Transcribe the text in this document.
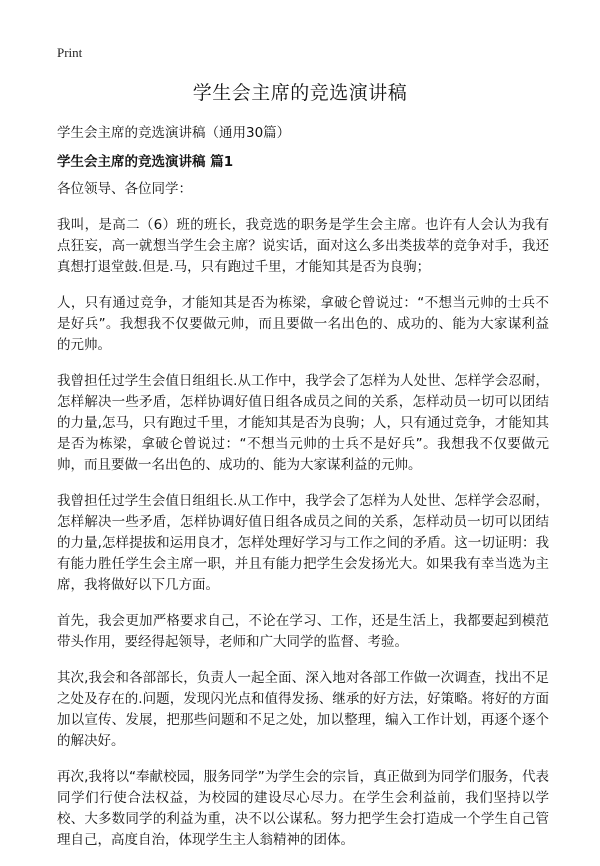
Print
学生会主席的竞选演讲稿
学生会主席的竞选演讲稿（通用30篇）
学生会主席的竞选演讲稿 篇1

各位领导、各位同学：

我叫，是高二（6）班的班长，我竞选的职务是学生会主席。也许有人会认为我有点狂妄，高一就想当学生会主席？说实话，面对这么多出类拔萃的竞争对手，我还真想打退堂鼓.但是.马，只有跑过千里，才能知其是否为良驹；

人，只有通过竞争，才能知其是否为栋梁，拿破仑曾说过：“不想当元帅的士兵不是好兵”。我想我不仅要做元帅，而且要做一名出色的、成功的、能为大家谋利益的元帅。

我曾担任过学生会值日组组长.从工作中，我学会了怎样为人处世、怎样学会忍耐，怎样解决一些矛盾，怎样协调好值日组各成员之间的关系，怎样动员一切可以团结的力量,怎马，只有跑过千里，才能知其是否为良驹；人，只有通过竞争，才能知其是否为栋梁，拿破仑曾说过：“不想当元帅的士兵不是好兵”。我想我不仅要做元帅，而且要做一名出色的、成功的、能为大家谋利益的元帅。

我曾担任过学生会值日组组长.从工作中，我学会了怎样为人处世、怎样学会忍耐，怎样解决一些矛盾，怎样协调好值日组各成员之间的关系，怎样动员一切可以团结的力量,怎样提拔和运用良才，怎样处理好学习与工作之间的矛盾。这一切证明：我有能力胜任学生会主席一职，并且有能力把学生会发扬光大。如果我有幸当选为主席，我将做好以下几方面。

首先，我会更加严格要求自己，不论在学习、工作，还是生活上，我都要起到模范带头作用，要经得起领导，老师和广大同学的监督、考验。

其次,我会和各部部长，负责人一起全面、深入地对各部工作做一次调查，找出不足之处及存在的.问题，发现闪光点和值得发扬、继承的好方法，好策略。将好的方面加以宣传、发展，把那些问题和不足之处，加以整理，编入工作计划，再逐个逐个的解决好。

再次,我将以“奉献校园，服务同学”为学生会的宗旨，真正做到为同学们服务，代表同学们行使合法权益，为校园的建设尽心尽力。在学生会利益前，我们坚持以学校、大多数同学的利益为重，决不以公谋私。努力把学生会打造成一个学生自己管理自己，高度自治，体现学生主人翁精神的团体。
